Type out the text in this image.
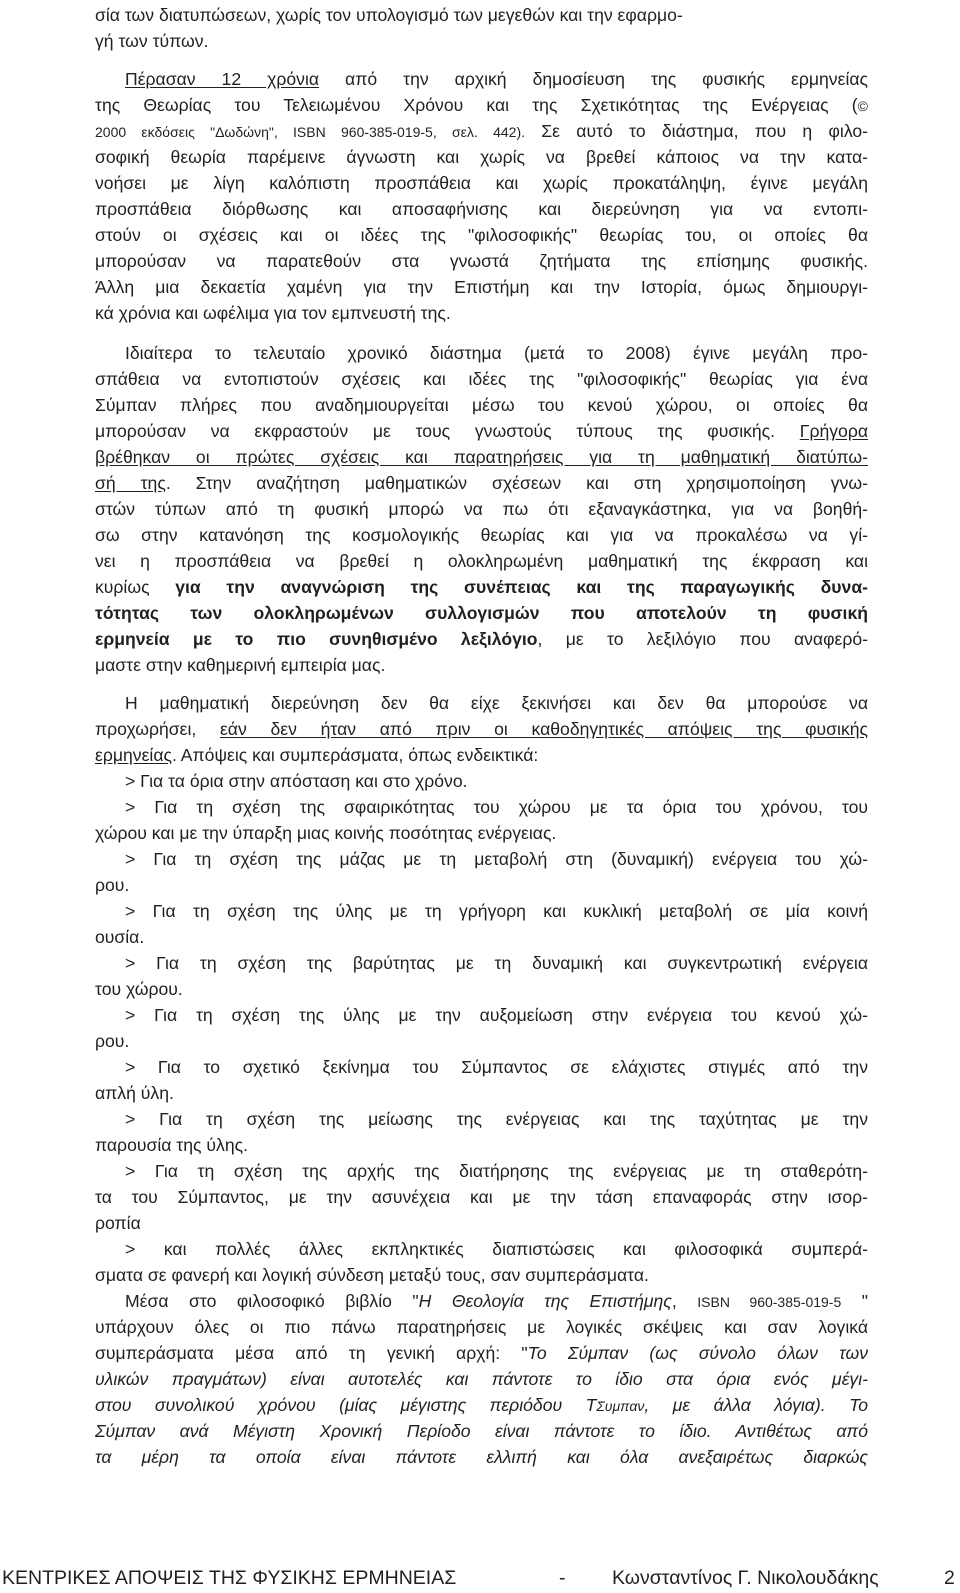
σία των διατυπώσεων, χωρίς τον υπολογισμό των μεγεθών και την εφαρμο-
γή των τύπων.
Πέρασαν 12 χρόνια από την αρχική δημοσίευση της φυσικής ερμηνείας
της Θεωρίας του Τελειωμένου Χρόνου και της Σχετικότητας της Ενέργειας (©
2000 εκδόσεις "Δωδώνη", ISBN 960-385-019-5, σελ. 442). Σε αυτό το διάστημα, που η φιλο-
σοφική θεωρία παρέμεινε άγνωστη και χωρίς να βρεθεί κάποιος να την κατα-
νοήσει με λίγη καλόπιστη προσπάθεια και χωρίς προκατάληψη, έγινε μεγάλη
προσπάθεια διόρθωσης και αποσαφήνισης και διερεύνηση για να εντοπι-
στούν οι σχέσεις και οι ιδέες της "φιλοσοφικής" θεωρίας του, οι οποίες θα
μπορούσαν να παρατεθούν στα γνωστά ζητήματα της επίσημης φυσικής.
Άλλη μια δεκαετία χαμένη για την Επιστήμη και την Ιστορία, όμως δημιουργι-
κά χρόνια και ωφέλιμα για τον εμπνευστή της.
Ιδιαίτερα το τελευταίο χρονικό διάστημα (μετά το 2008) έγινε μεγάλη προ-
σπάθεια να εντοπιστούν σχέσεις και ιδέες της "φιλοσοφικής" θεωρίας για ένα
Σύμπαν πλήρες που αναδημιουργείται μέσω του κενού χώρου, οι οποίες θα
μπορούσαν να εκφραστούν με τους γνωστούς τύπους της φυσικής. Γρήγορα
βρέθηκαν οι πρώτες σχέσεις και παρατηρήσεις για τη μαθηματική διατύπω-
σή της. Στην αναζήτηση μαθηματικών σχέσεων και στη χρησιμοποίηση γνω-
στών τύπων από τη φυσική μπορώ να πω ότι εξαναγκάστηκα, για να βοηθή-
σω στην κατανόηση της κοσμολογικής θεωρίας και για να προκαλέσω να γί-
νει η προσπάθεια να βρεθεί η ολοκληρωμένη μαθηματική της έκφραση και
κυρίως για την αναγνώριση της συνέπειας και της παραγωγικής δυνα-
τότητας των ολοκληρωμένων συλλογισμών που αποτελούν τη φυσική
ερμηνεία με το πιο συνηθισμένο λεξιλόγιο, με το λεξιλόγιο που αναφερό-
μαστε στην καθημερινή εμπειρία μας.
Η μαθηματική διερεύνηση δεν θα είχε ξεκινήσει και δεν θα μπορούσε να
προχωρήσει, εάν δεν ήταν από πριν οι καθοδηγητικές απόψεις της φυσικής
ερμηνείας. Απόψεις και συμπεράσματα, όπως ενδεικτικά:
> Για τα όρια στην απόσταση και στο χρόνο.
> Για τη σχέση της σφαιρικότητας του χώρου με τα όρια του χρόνου, του
χώρου και με την ύπαρξη μιας κοινής ποσότητας ενέργειας.
> Για τη σχέση της μάζας με τη μεταβολή στη (δυναμική) ενέργεια του χώ-
ρου.
> Για τη σχέση της ύλης με τη γρήγορη και κυκλική μεταβολή σε μία κοινή
ουσία.
> Για τη σχέση της βαρύτητας με τη δυναμική και συγκεντρωτική ενέργεια
του χώρου.
> Για τη σχέση της ύλης με την αυξομείωση στην ενέργεια του κενού χώ-
ρου.
> Για το σχετικό ξεκίνημα του Σύμπαντος σε ελάχιστες στιγμές από την
απλή ύλη.
> Για τη σχέση της μείωσης της ενέργειας και της ταχύτητας με την
παρουσία της ύλης.
> Για τη σχέση της αρχής της διατήρησης της ενέργειας με τη σταθερότη-
τα του Σύμπαντος, με την ασυνέχεια και με την τάση επαναφοράς στην ισορ-
ροπία
> και πολλές άλλες εκπληκτικές διαπιστώσεις και φιλοσοφικά συμπερά-
σματα σε φανερή και λογική σύνδεση μεταξύ τους, σαν συμπεράσματα.
Μέσα στο φιλοσοφικό βιβλίο "Η Θεολογία της Επιστήμης, ISBN 960-385-019-5 "
υπάρχουν όλες οι πιο πάνω παρατηρήσεις με λογικές σκέψεις και σαν λογικά
συμπεράσματα μέσα από τη γενική αρχή: "Το Σύμπαν (ως σύνολο όλων των
υλικών πραγμάτων) είναι αυτοτελές και πάντοτε το ίδιο στα όρια ενός μέγι-
στου συνολικού χρόνου (μίας μέγιστης περιόδου ΤΣυμπαν, με άλλα λόγια). Το
Σύμπαν ανά Μέγιστη Χρονική Περίοδο είναι πάντοτε το ίδιο. Αντιθέτως από
τα μέρη τα οποία είναι πάντοτε ελλιπή και όλα ανεξαιρέτως διαρκώς
ΚΕΝΤΡΙΚΕΣ ΑΠΟΨΕΙΣ ΤΗΣ ΦΥΣΙΚΗΣ ΕΡΜΗΝΕΙΑΣ	- Κωνσταντίνος Γ. Νικολουδάκης	2
